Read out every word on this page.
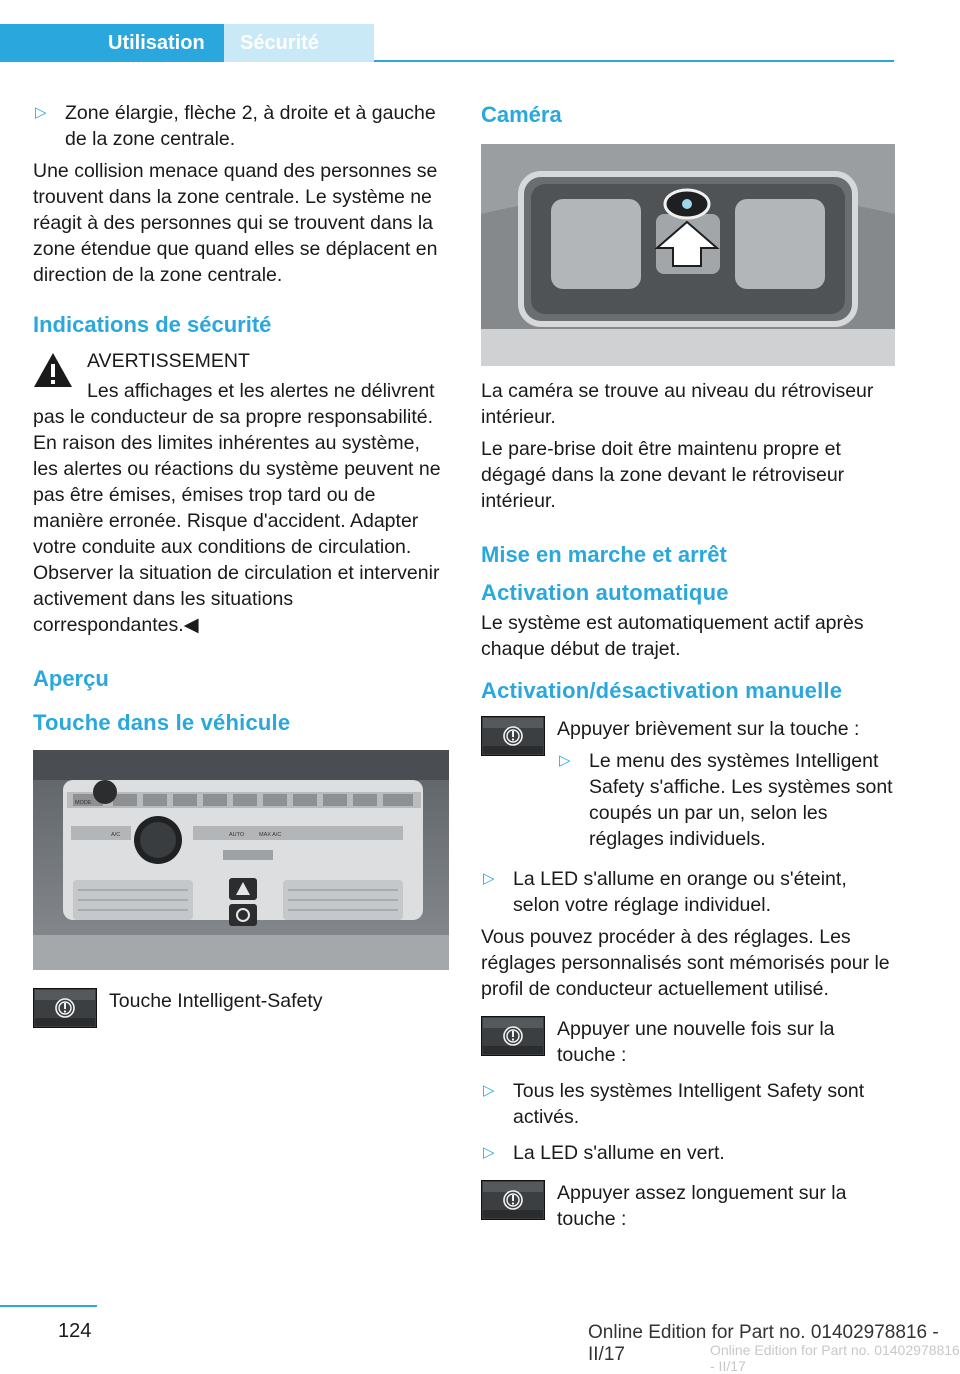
Utilisation	Sécurité
▷ Zone élargie, flèche 2, à droite et à gauche de la zone centrale.

Une collision menace quand des personnes se trouvent dans la zone centrale. Le système ne réagit à des personnes qui se trouvent dans la zone étendue que quand elles se déplacent en direction de la zone centrale.

Indications de sécurité
AVERTISSEMENT

Les affichages et les alertes ne délivrent pas le conducteur de sa propre responsabilité. En raison des limites inhérentes au système, les alertes ou réactions du système peuvent ne pas être émises, émises trop tard ou de manière erronée. Risque d'accident. Adapter votre conduite aux conditions de circulation. Observer la situation de circulation et intervenir activement dans les situations correspondantes.◀

Aperçu
Touche dans le véhicule
MODE
A/C	AUTO	MAX A/C
Touche Intelligent-Safety
Caméra

La caméra se trouve au niveau du rétroviseur intérieur.

Le pare-brise doit être maintenu propre et dégagé dans la zone devant le rétroviseur intérieur.

Mise en marche et arrêt
Activation automatique

Le système est automatiquement actif après chaque début de trajet.

Activation/désactivation manuelle
Appuyer brièvement sur la touche :
▷ Le menu des systèmes Intelligent Safety s'affiche. Les systèmes sont coupés un par un, selon les réglages individuels.
▷ La LED s'allume en orange ou s'éteint, selon votre réglage individuel.

Vous pouvez procéder à des réglages. Les réglages personnalisés sont mémorisés pour le profil de conducteur actuellement utilisé.

Appuyer une nouvelle fois sur la touche :
▷ Tous les systèmes Intelligent Safety sont activés.
▷ La LED s'allume en vert.
Appuyer assez longuement sur la touche :
124	Online Edition for Part no. 01402978816 - II/17	Online Edition for Part no. 01402978816 - II/17
